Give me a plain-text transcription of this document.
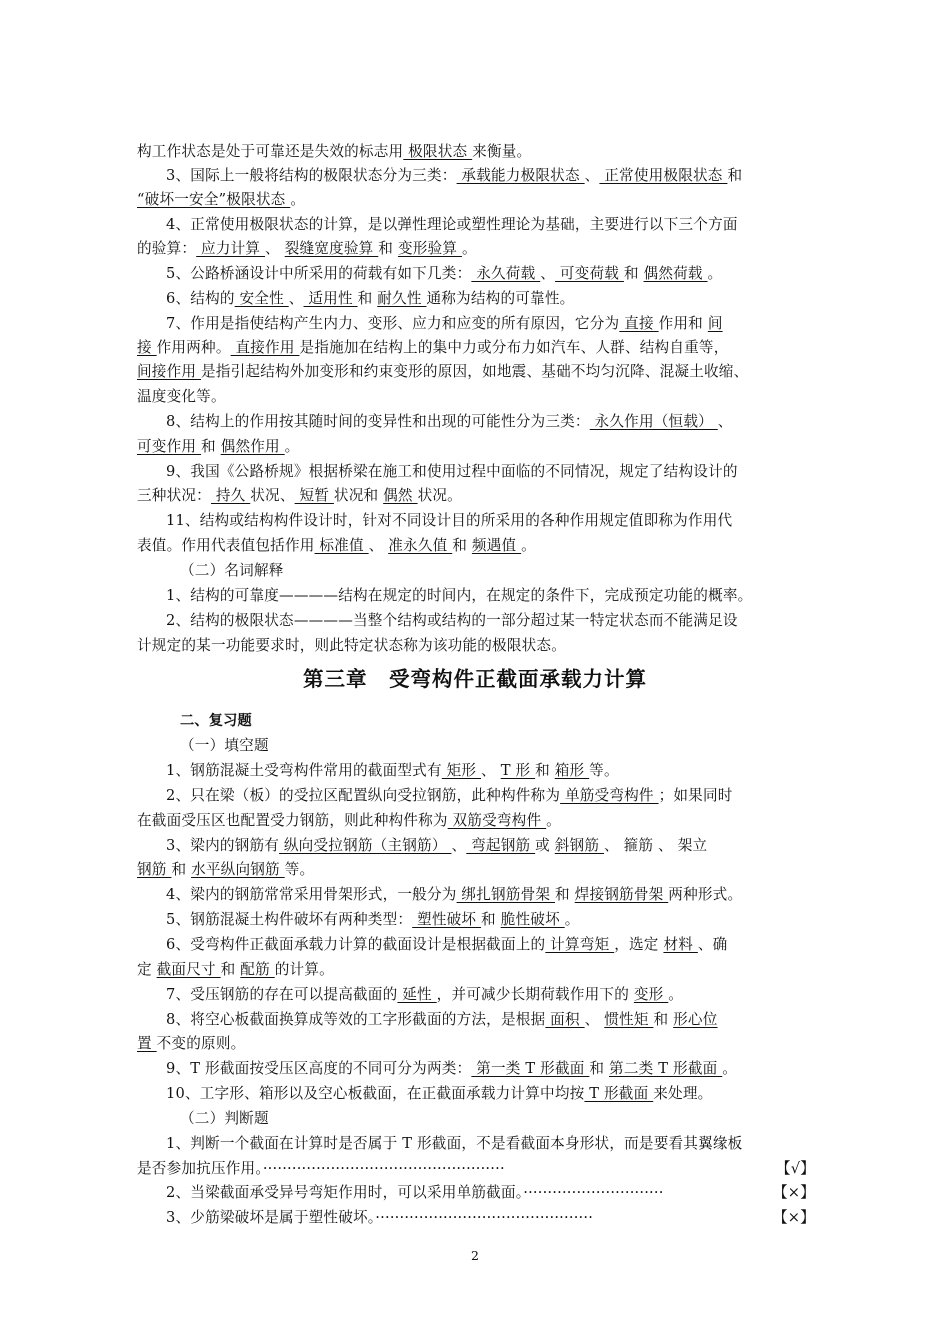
构工作状态是处于可靠还是失效的标志用 极限状态 来衡量。
3、国际上一般将结构的极限状态分为三类： 承载能力极限状态 、 正常使用极限状态 和
“破坏一安全”极限状态 。
4、正常使用极限状态的计算，是以弹性理论或塑性理论为基础，主要进行以下三个方面
的验算： 应力计算 、 裂缝宽度验算 和 变形验算 。
5、公路桥涵设计中所采用的荷载有如下几类： 永久荷载 、 可变荷载 和 偶然荷载 。
6、结构的 安全性 、 适用性 和 耐久性 通称为结构的可靠性。
7、作用是指使结构产生内力、变形、应力和应变的所有原因，它分为 直接 作用和 间
接 作用两种。 直接作用 是指施加在结构上的集中力或分布力如汽车、人群、结构自重等，
间接作用 是指引起结构外加变形和约束变形的原因，如地震、基础不均匀沉降、混凝土收缩、
温度变化等。
8、结构上的作用按其随时间的变异性和出现的可能性分为三类： 永久作用（恒载） 、
可变作用 和 偶然作用 。
9、我国《公路桥规》根据桥梁在施工和使用过程中面临的不同情况，规定了结构设计的
三种状况： 持久 状况、 短暂 状况和 偶然 状况。
11、结构或结构构件设计时，针对不同设计目的所采用的各种作用规定值即称为作用代
表值。作用代表值包括作用 标准值 、 准永久值 和 频遇值 。
（二）名词解释
1、结构的可靠度————结构在规定的时间内，在规定的条件下，完成预定功能的概率。
2、结构的极限状态————当整个结构或结构的一部分超过某一特定状态而不能满足设
计规定的某一功能要求时，则此特定状态称为该功能的极限状态。
第三章　受弯构件正截面承载力计算
二、复习题
（一）填空题
1、钢筋混凝土受弯构件常用的截面型式有 矩形 、 T 形 和 箱形 等。
2、只在梁（板）的受拉区配置纵向受拉钢筋，此种构件称为 单筋受弯构件 ；如果同时
在截面受压区也配置受力钢筋，则此种构件称为 双筋受弯构件 。
3、梁内的钢筋有 纵向受拉钢筋（主钢筋） 、 弯起钢筋 或 斜钢筋 、 箍筋 、 架立
钢筋 和 水平纵向钢筋 等。
4、梁内的钢筋常常采用骨架形式，一般分为 绑扎钢筋骨架 和 焊接钢筋骨架 两种形式。
5、钢筋混凝土构件破坏有两种类型： 塑性破坏 和 脆性破坏 。
6、受弯构件正截面承载力计算的截面设计是根据截面上的 计算弯矩 ，选定 材料 、确
定 截面尺寸 和 配筋 的计算。
7、受压钢筋的存在可以提高截面的 延性 ，并可减少长期荷载作用下的 变形 。
8、将空心板截面换算成等效的工字形截面的方法，是根据 面积 、 惯性矩 和 形心位
置 不变的原则。
9、T 形截面按受压区高度的不同可分为两类： 第一类 T 形截面 和 第二类 T 形截面 。
10、工字形、箱形以及空心板截面，在正截面承载力计算中均按 T 形截面 来处理。
（二）判断题
1、判断一个截面在计算时是否属于 T 形截面，不是看截面本身形状，而是要看其翼缘板
是否参加抗压作用。··················································	【√】
2、当梁截面承受异号弯矩作用时，可以采用单筋截面。·····························	【×】
3、少筋梁破坏是属于塑性破坏。·············································	【×】
2
